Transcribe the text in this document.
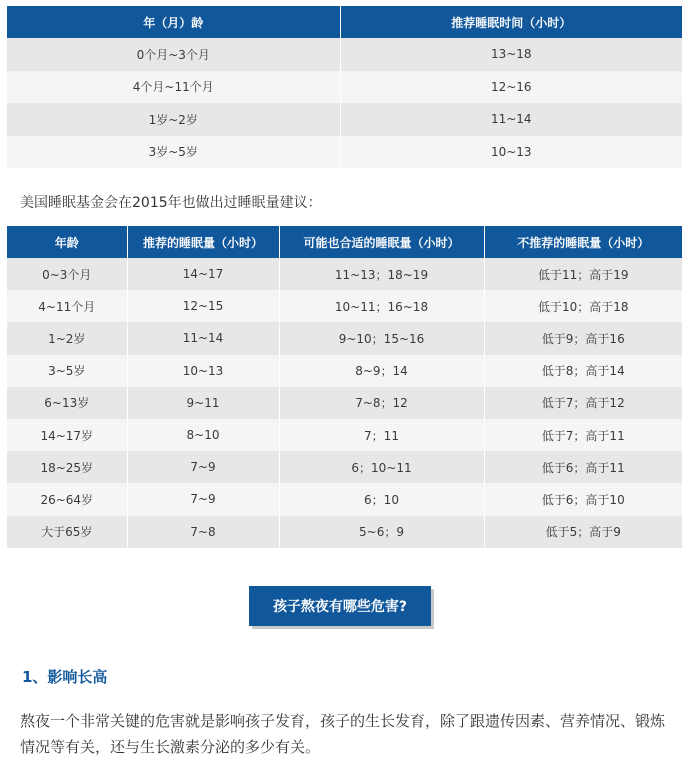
年（月）龄	推荐睡眠时间（小时）
0个月~3个月	13~18
4个月~11个月	12~16
1岁~2岁	11~14
3岁~5岁	10~13

美国睡眠基金会在2015年也做出过睡眠量建议：

年龄	推荐的睡眠量（小时）	可能也合适的睡眠量（小时）	不推荐的睡眠量（小时）
0~3个月	14~17	11~13；18~19	低于11；高于19
4~11个月	12~15	10~11；16~18	低于10；高于18
1~2岁	11~14	9~10；15~16	低于9；高于16
3~5岁	10~13	8~9；14	低于8；高于14
6~13岁	9~11	7~8；12	低于7；高于12
14~17岁	8~10	7；11	低于7；高于11
18~25岁	7~9	6；10~11	低于6；高于11
26~64岁	7~9	6；10	低于6；高于10
大于65岁	7~8	5~6；9	低于5；高于9
孩子熬夜有哪些危害?
1、影响长高

熬夜一个非常关键的危害就是影响孩子发育，孩子的生长发育，除了跟遗传因素、营养情况、锻炼情况等有关，还与生长激素分泌的多少有关。
